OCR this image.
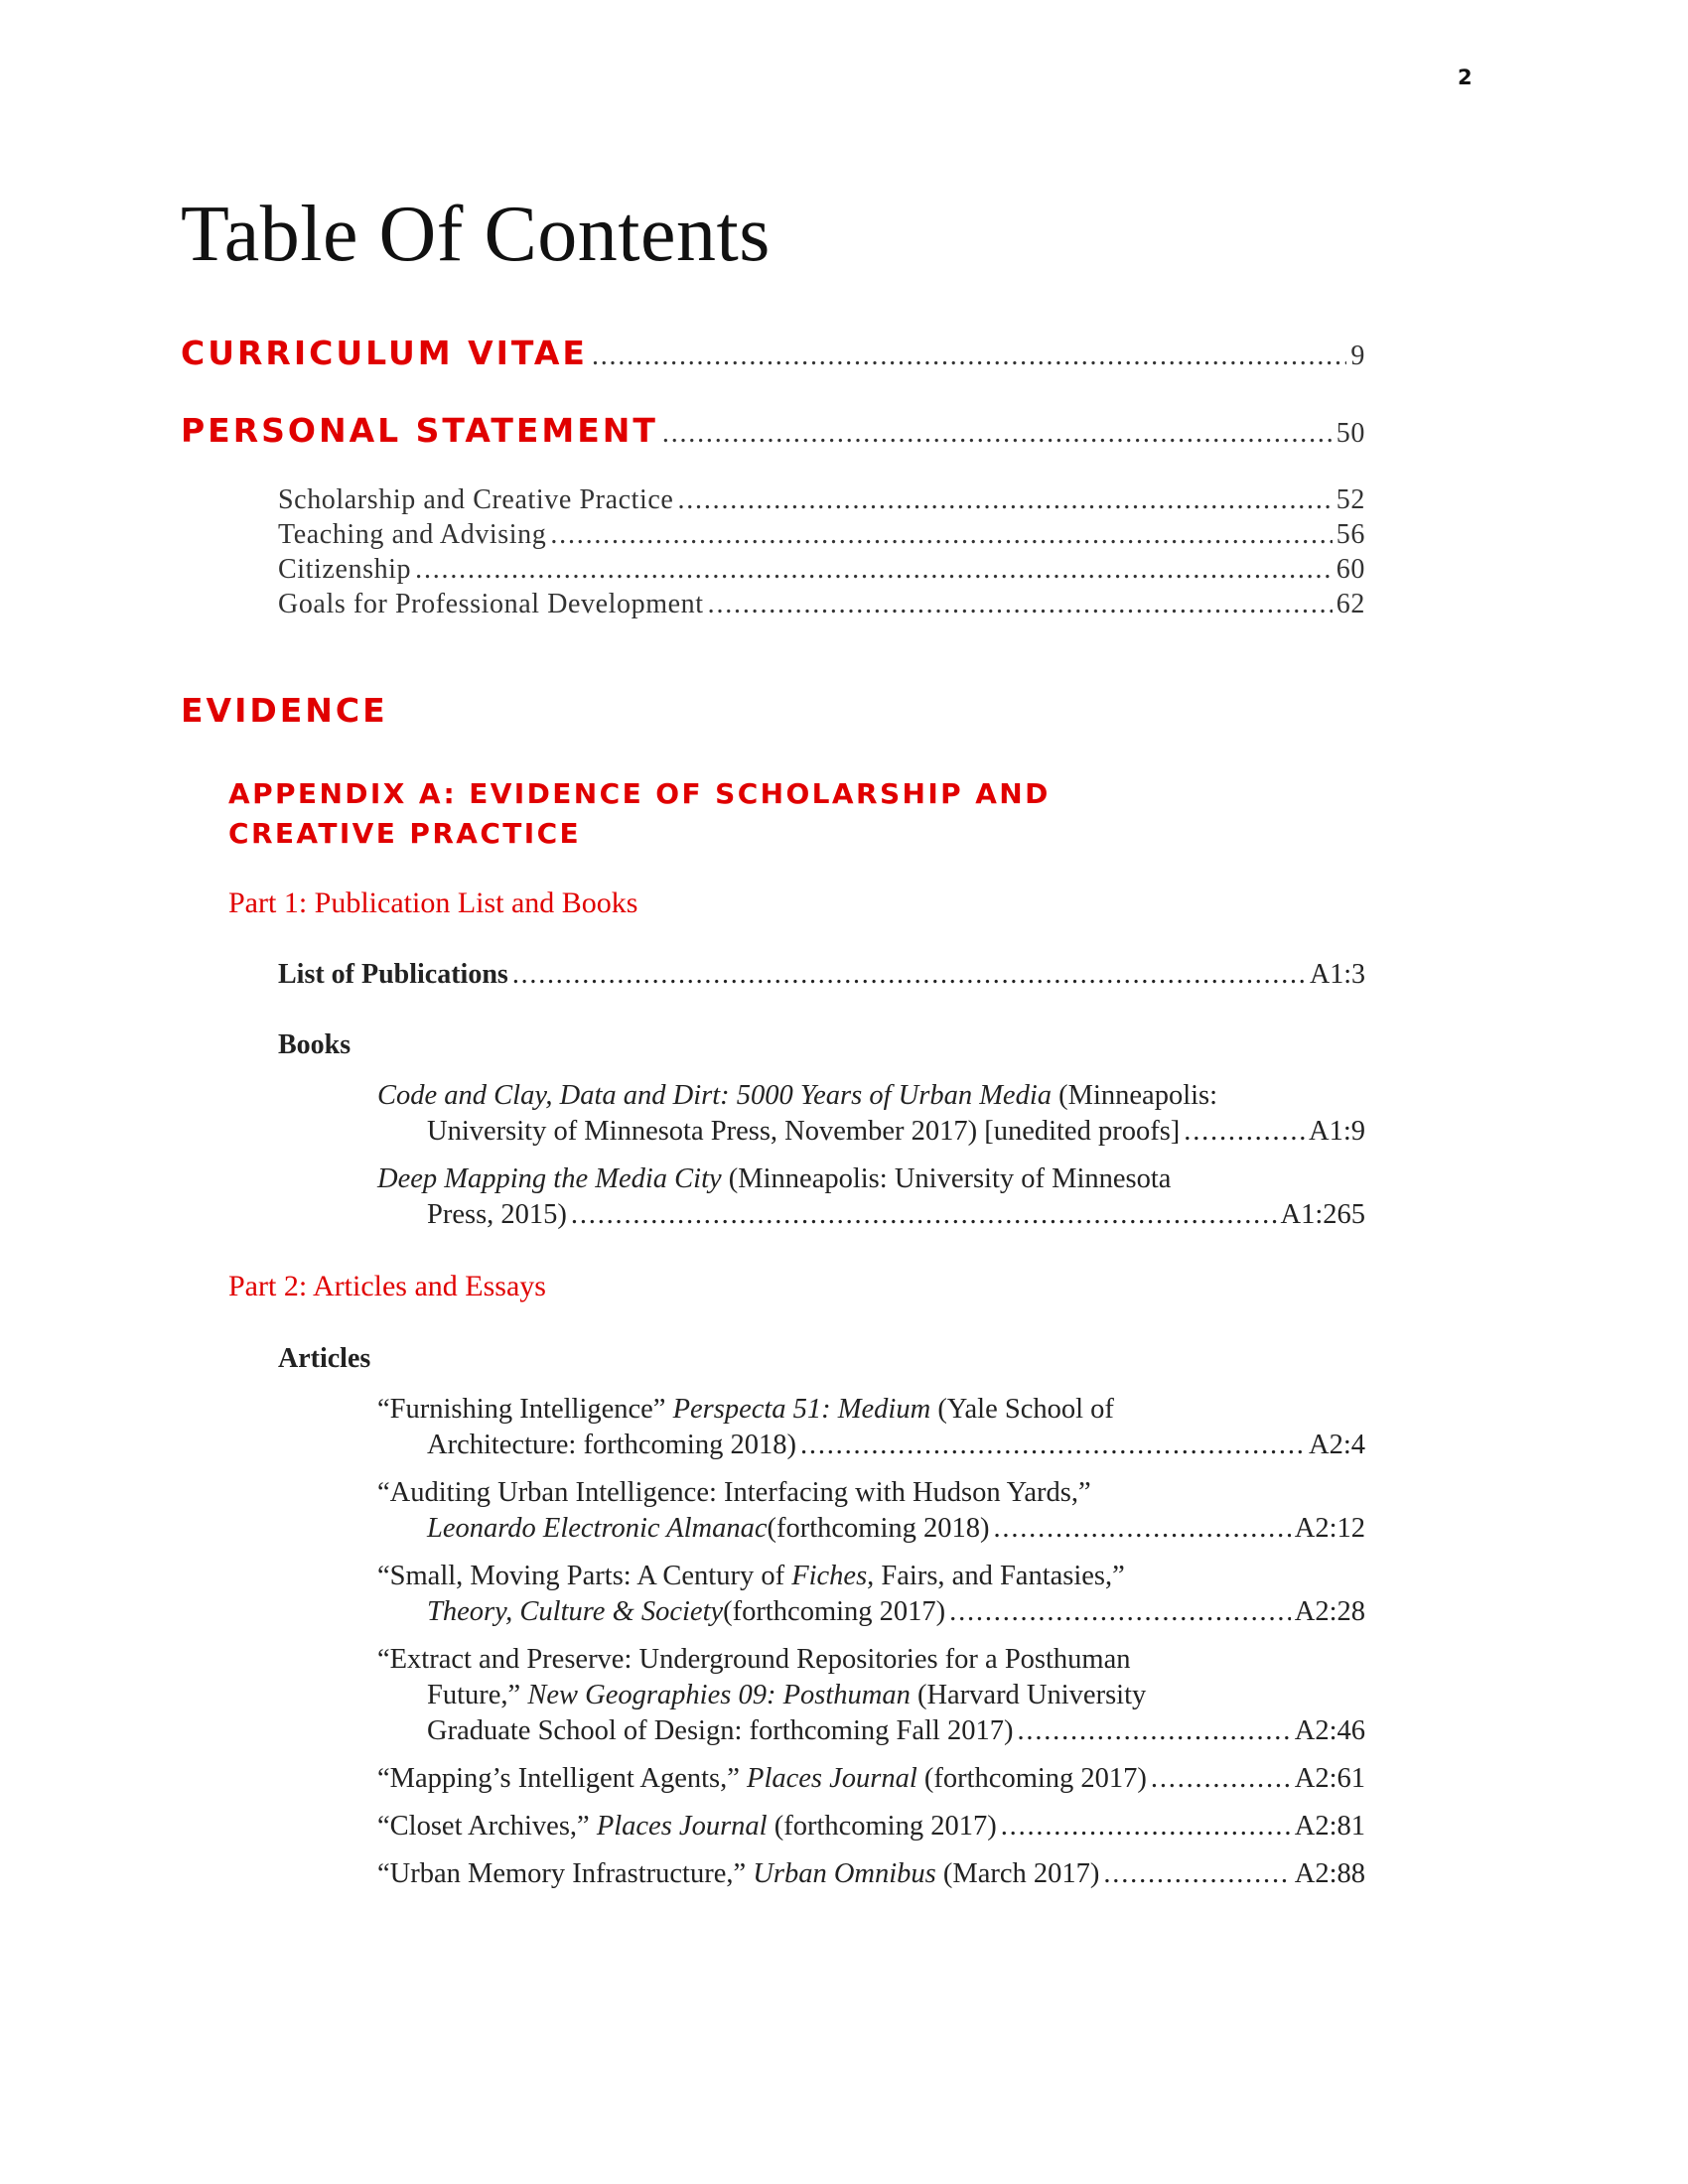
2
Table Of Contents
CURRICULUM VITAE .....	9
PERSONAL STATEMENT .....	50
Scholarship and Creative Practice .....	52
Teaching and Advising .....	56
Citizenship .....	60
Goals for Professional Development .....	62
EVIDENCE
APPENDIX A: EVIDENCE OF SCHOLARSHIP AND
CREATIVE PRACTICE
Part 1: Publication List and Books
List of Publications .....	A1:3
Books
Code and Clay, Data and Dirt: 5000 Years of Urban Media (Minneapolis:
University of Minnesota Press, November 2017) [unedited proofs] .....	A1:9
Deep Mapping the Media City (Minneapolis: University of Minnesota
Press, 2015) .....	A1:265
Part 2: Articles and Essays
Articles
“Furnishing Intelligence” Perspecta 51: Medium (Yale School of
Architecture: forthcoming 2018) .....	A2:4
“Auditing Urban Intelligence: Interfacing with Hudson Yards,”
Leonardo Electronic Almanac (forthcoming 2018) .....	A2:12
“Small, Moving Parts: A Century of Fiches, Fairs, and Fantasies,”
Theory, Culture & Society (forthcoming 2017) .....	A2:28
“Extract and Preserve: Underground Repositories for a Posthuman
Future,” New Geographies 09: Posthuman (Harvard University
Graduate School of Design: forthcoming Fall 2017) .....	A2:46
“Mapping’s Intelligent Agents,” Places Journal (forthcoming 2017) .....	A2:61
“Closet Archives,” Places Journal (forthcoming 2017) .....	A2:81
“Urban Memory Infrastructure,” Urban Omnibus (March 2017) .....	A2:88
